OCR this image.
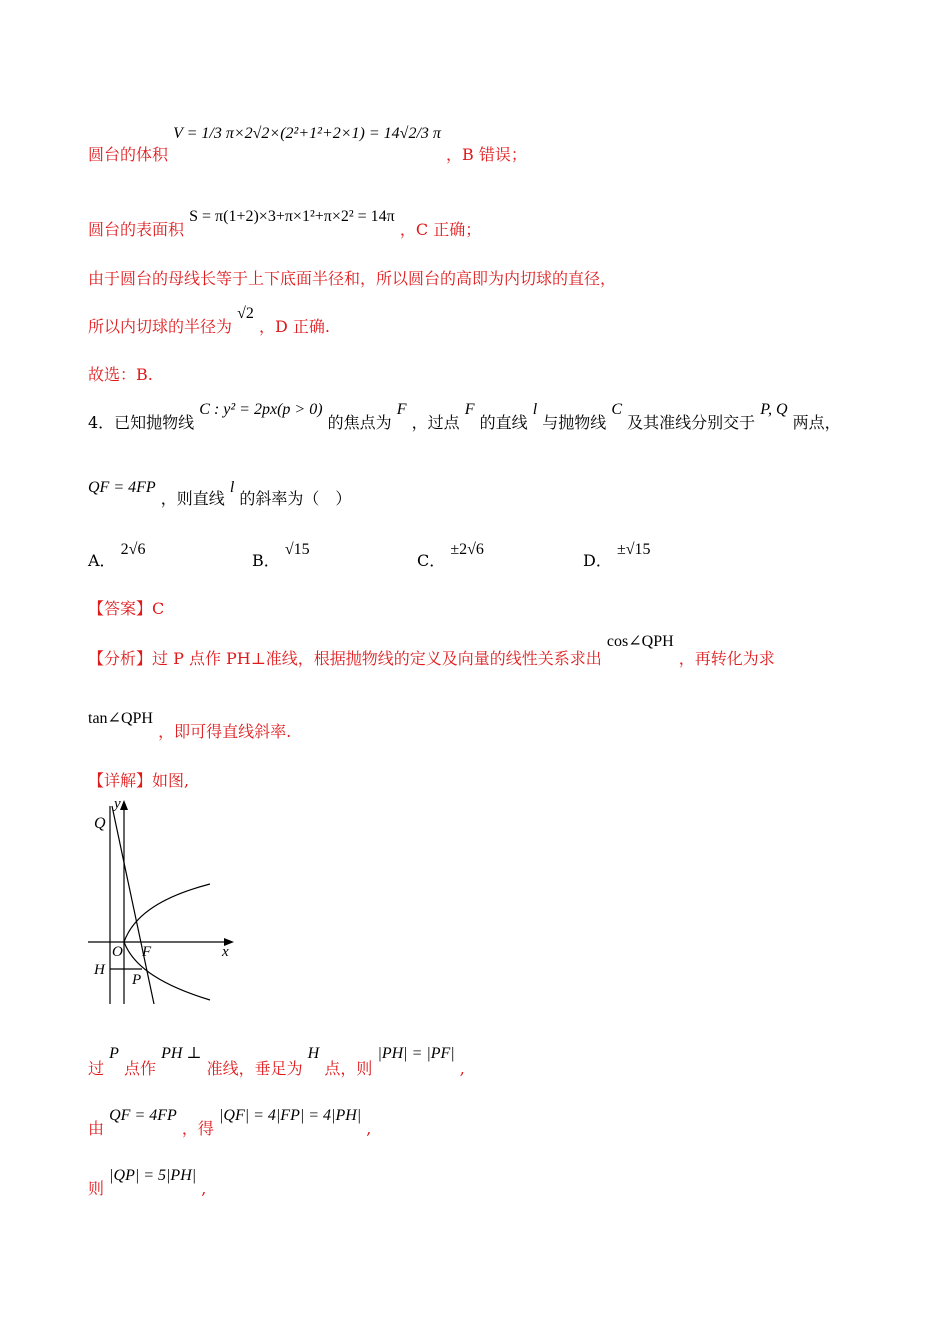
圆台的体积 V = 1/3 π×2√2×(2²+1²+2×1) = 14√2/3 π ，B 错误；
圆台的表面积 S = π(1+2)×3+π×1²+π×2² = 14π ，C 正确；
由于圆台的母线长等于上下底面半径和，所以圆台的高即为内切球的直径，
所以内切球的半径为 √2 ，D 正确.
故选：B.
4．已知抛物线 C : y² = 2px(p > 0) 的焦点为 F ，过点 F 的直线 l 与抛物线 C 及其准线分别交于 P, Q 两点，
QF = 4FP ，则直线 l 的斜率为（　）
A． 2√6
B． √15
C． ±2√6
D． ±√15
【答案】C
【分析】过 P 点作 PH⊥准线，根据抛物线的定义及向量的线性关系求出 cos∠QPH ，再转化为求
tan∠QPH ，即可得直线斜率.
【详解】如图,
y
Q
O F	x
H
P
过 P 点作 PH ⊥ 准线，垂足为 H 点，则 |PH| = |PF| ,
由 QF = 4FP ，得 |QF| = 4|FP| = 4|PH| ,
则 |QP| = 5|PH| ,
